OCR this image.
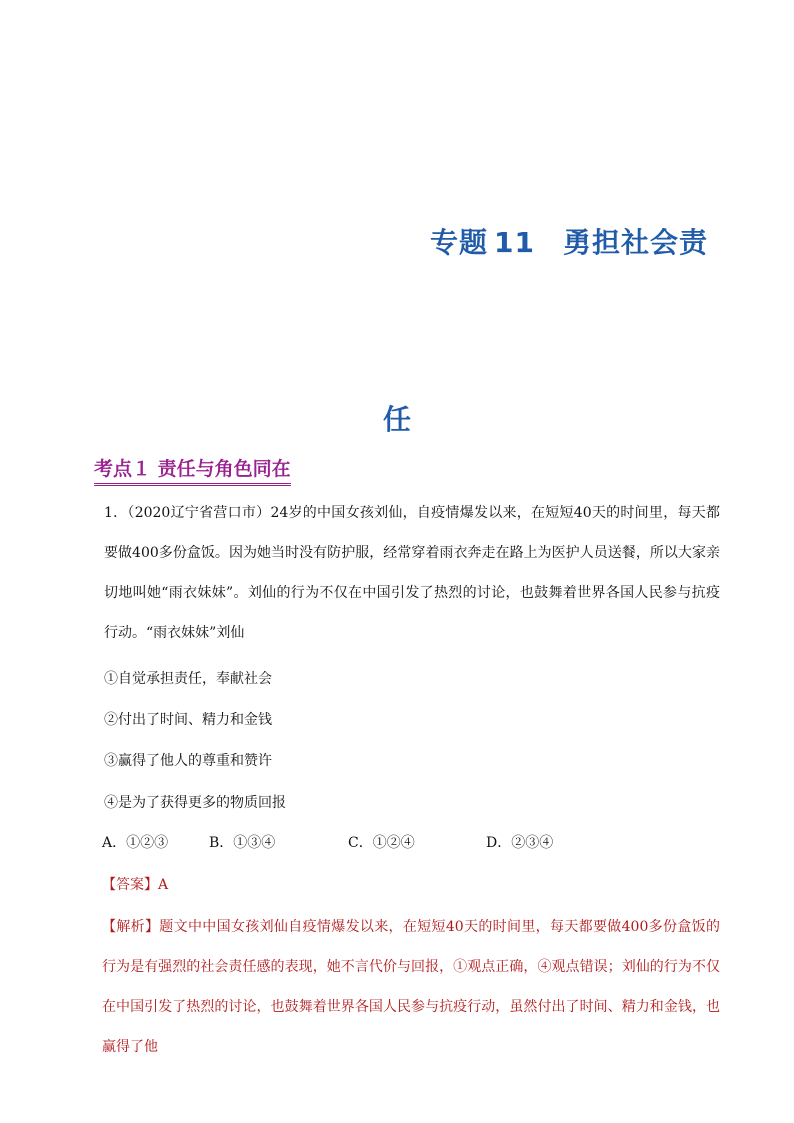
专题 11 勇担社会责
任
考点１ 责任与角色同在
1．（2020辽宁省营口市）24岁的中国女孩刘仙，自疫情爆发以来，在短短40天的时间里，每天都要做400多份盒饭。因为她当时没有防护服，经常穿着雨衣奔走在路上为医护人员送餐，所以大家亲切地叫她“雨衣妹妹”。刘仙的行为不仅在中国引发了热烈的讨论，也鼓舞着世界各国人民参与抗疫行动。“雨衣妹妹”刘仙
①自觉承担责任，奉献社会
②付出了时间、精力和金钱
③赢得了他人的尊重和赞许
④是为了获得更多的物质回报
A．①②③	B．①③④	C．①②④	D．②③④
【答案】A
【解析】题文中中国女孩刘仙自疫情爆发以来，在短短40天的时间里，每天都要做400多份盒饭的行为是有强烈的社会责任感的表现，她不言代价与回报，①观点正确，④观点错误；刘仙的行为不仅在中国引发了热烈的讨论，也鼓舞着世界各国人民参与抗疫行动，虽然付出了时间、精力和金钱，也赢得了他
